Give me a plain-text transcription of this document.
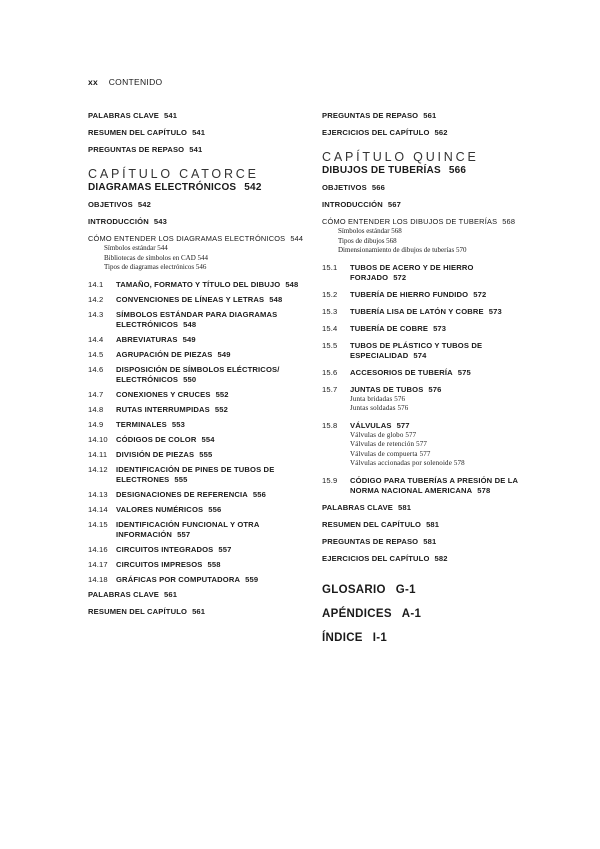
xx CONTENIDO
PALABRAS CLAVE 541
RESUMEN DEL CAPÍTULO 541
PREGUNTAS DE REPASO 541
CAPÍTULO CATORCE
DIAGRAMAS ELECTRÓNICOS 542
OBJETIVOS 542
INTRODUCCIÓN 543
CÓMO ENTENDER LOS DIAGRAMAS ELECTRÓNICOS 544
Símbolos estándar 544
Bibliotecas de símbolos en CAD 544
Tipos de diagramas electrónicos 546
14.1	TAMAÑO, FORMATO Y TÍTULO DEL DIBUJO 548
14.2	CONVENCIONES DE LÍNEAS Y LETRAS 548
14.3	SÍMBOLOS ESTÁNDAR PARA DIAGRAMAS ELECTRÓNICOS 548
14.4	ABREVIATURAS 549
14.5	AGRUPACIÓN DE PIEZAS 549
14.6	DISPOSICIÓN DE SÍMBOLOS ELÉCTRICOS/ ELECTRÓNICOS 550
14.7	CONEXIONES Y CRUCES 552
14.8	RUTAS INTERRUMPIDAS 552
14.9	TERMINALES 553
14.10	CÓDIGOS DE COLOR 554
14.11	DIVISIÓN DE PIEZAS 555
14.12	IDENTIFICACIÓN DE PINES DE TUBOS DE ELECTRONES 555
14.13	DESIGNACIONES DE REFERENCIA 556
14.14	VALORES NUMÉRICOS 556
14.15	IDENTIFICACIÓN FUNCIONAL Y OTRA INFORMACIÓN 557
14.16	CIRCUITOS INTEGRADOS 557
14.17	CIRCUITOS IMPRESOS 558
14.18	GRÁFICAS POR COMPUTADORA 559
PALABRAS CLAVE 561
RESUMEN DEL CAPÍTULO 561
PREGUNTAS DE REPASO 561
EJERCICIOS DEL CAPÍTULO 562
CAPÍTULO QUINCE
DIBUJOS DE TUBERÍAS 566
OBJETIVOS 566
INTRODUCCIÓN 567
CÓMO ENTENDER LOS DIBUJOS DE TUBERÍAS 568
Símbolos estándar 568
Tipos de dibujos 568
Dimensionamiento de dibujos de tuberías 570
15.1	TUBOS DE ACERO Y DE HIERRO FORJADO 572
15.2	TUBERÍA DE HIERRO FUNDIDO 572
15.3	TUBERÍA LISA DE LATÓN Y COBRE 573
15.4	TUBERÍA DE COBRE 573
15.5	TUBOS DE PLÁSTICO Y TUBOS DE ESPECIALIDAD 574
15.6	ACCESORIOS DE TUBERÍA 575
15.7	JUNTAS DE TUBOS 576
Junta bridadas 576
Juntas soldadas 576
15.8	VÁLVULAS 577
Válvulas de globo 577
Válvulas de retención 577
Válvulas de compuerta 577
Válvulas accionadas por solenoide 578
15.9	CÓDIGO PARA TUBERÍAS A PRESIÓN DE LA NORMA NACIONAL AMERICANA 578
PALABRAS CLAVE 581
RESUMEN DEL CAPÍTULO 581
PREGUNTAS DE REPASO 581
EJERCICIOS DEL CAPÍTULO 582
GLOSARIO G-1
APÉNDICES A-1
ÍNDICE I-1
